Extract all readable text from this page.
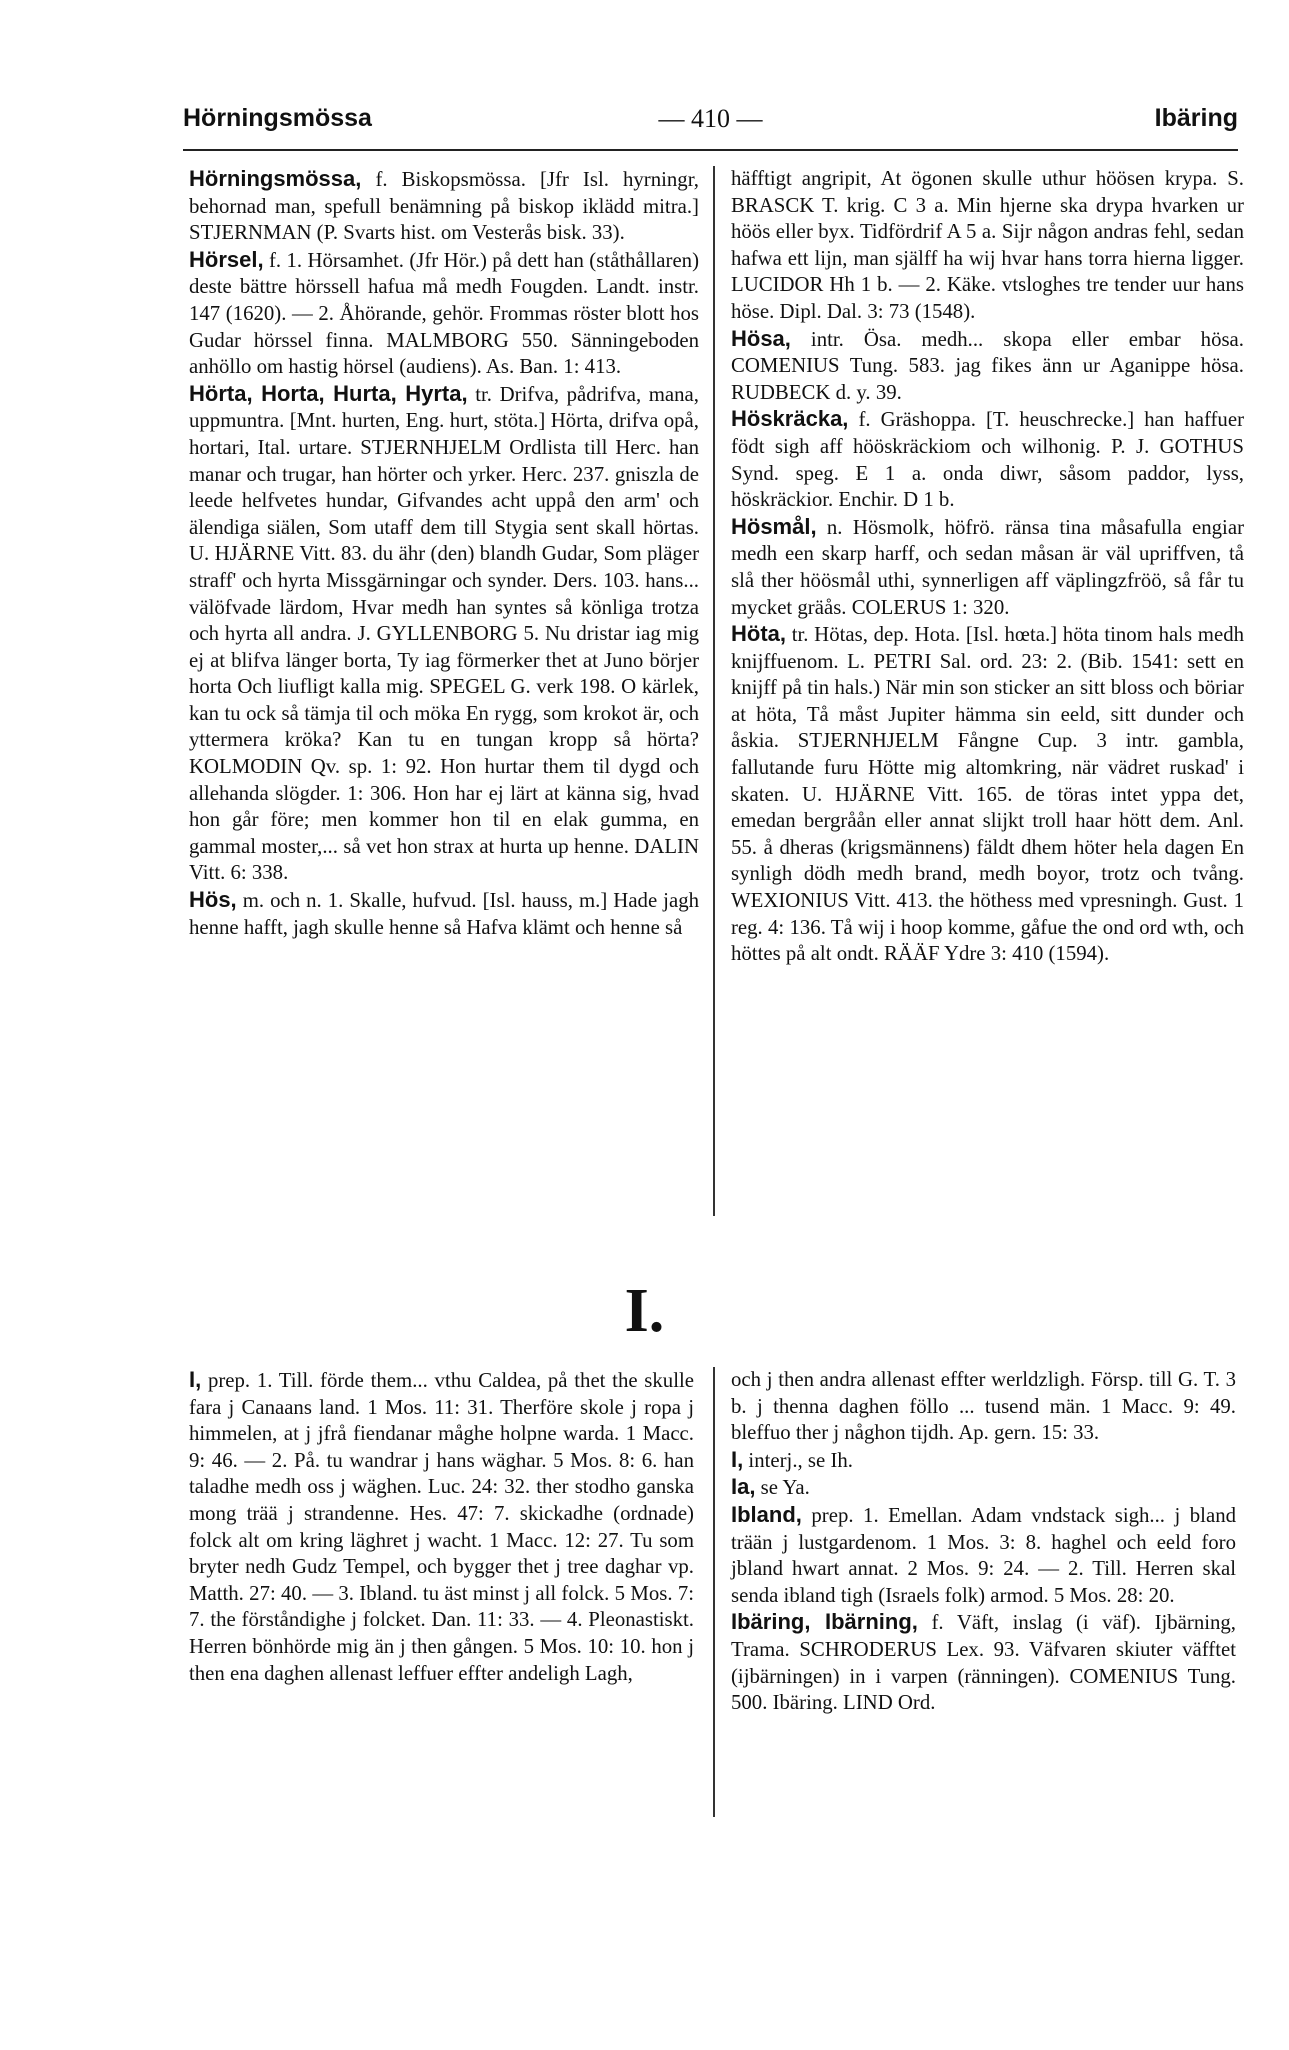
Hörningsmössa	— 410 —	Ibäring

Hörningsmössa, f. Biskopsmössa. [Jfr Isl. hyrningr, behornad man, spefull benämning på biskop iklädd mitra.] STJERNMAN (P. Svarts hist. om Vesterås bisk. 33).

Hörsel, f. 1. Hörsamhet. (Jfr Hör.) på dett han (ståthållaren) deste bättre hörssell hafua må medh Fougden. Landt. instr. 147 (1620). — 2. Åhörande, gehör. Frommas röster blott hos Gudar hörssel finna. MALMBORG 550. Sänningeboden anhöllo om hastig hörsel (audiens). As. Ban. 1: 413.

Hörta, Horta, Hurta, Hyrta, tr. Drifva, pådrifva, mana, uppmuntra. [Mnt. hurten, Eng. hurt, stöta.] Hörta, drifva opå, hortari, Ital. urtare. STJERNHJELM Ordlista till Herc. han manar och trugar, han hörter och yrker. Herc. 237. gniszla de leede helfvetes hundar, Gifvandes acht uppå den arm' och älendiga siälen, Som utaff dem till Stygia sent skall hörtas. U. HJÄRNE Vitt. 83. du ähr (den) blandh Gudar, Som pläger straff' och hyrta Missgärningar och synder. Ders. 103. hans... välöfvade lärdom, Hvar medh han syntes så könliga trotza och hyrta all andra. J. GYLLENBORG 5. Nu dristar iag mig ej at blifva länger borta, Ty iag förmerker thet at Juno börjer horta Och liufligt kalla mig. SPEGEL G. verk 198. O kärlek, kan tu ock så tämja til och möka En rygg, som krokot är, och yttermera kröka? Kan tu en tungan kropp så hörta? KOLMODIN Qv. sp. 1: 92. Hon hurtar them til dygd och allehanda slögder. 1: 306. Hon har ej lärt at känna sig, hvad hon går före; men kommer hon til en elak gumma, en gammal moster,... så vet hon strax at hurta up henne. DALIN Vitt. 6: 338.

Hös, m. och n. 1. Skalle, hufvud. [Isl. hauss, m.] Hade jagh henne hafft, jagh skulle henne så Hafva klämt och henne så

häfftigt angripit, At ögonen skulle uthur höösen krypa. S. BRASCK T. krig. C 3 a. Min hjerne ska drypa hvarken ur höös eller byx. Tidfördrif A 5 a. Sijr någon andras fehl, sedan hafwa ett lijn, man själff ha wij hvar hans torra hierna ligger. LUCIDOR Hh 1 b. — 2. Käke. vtsloghes tre tender uur hans höse. Dipl. Dal. 3: 73 (1548).

Hösa, intr. Ösa. medh... skopa eller embar hösa. COMENIUS Tung. 583. jag fikes änn ur Aganippe hösa. RUDBECK d. y. 39.

Höskräcka, f. Gräshoppa. [T. heuschrecke.] han haffuer födt sigh aff hööskräckiom och wilhonig. P. J. GOTHUS Synd. speg. E 1 a. onda diwr, såsom paddor, lyss, höskräckior. Enchir. D 1 b.

Hösmål, n. Hösmolk, höfrö. ränsa tina måsafulla engiar medh een skarp harff, och sedan måsan är väl upriffven, tå slå ther höösmål uthi, synnerligen aff väplingzfröö, så får tu mycket gräås. COLERUS 1: 320.

Höta, tr. Hötas, dep. Hota. [Isl. hœta.] höta tinom hals medh knijffuenom. L. PETRI Sal. ord. 23: 2. (Bib. 1541: sett en knijff på tin hals.) När min son sticker an sitt bloss och böriar at höta, Tå måst Jupiter hämma sin eeld, sitt dunder och åskia. STJERNHJELM Fångne Cup. 3 intr. gambla, fallutande furu Hötte mig altomkring, när vädret ruskad' i skaten. U. HJÄRNE Vitt. 165. de töras intet yppa det, emedan bergråån eller annat slijkt troll haar hött dem. Anl. 55. å dheras (krigsmännens) fäldt dhem höter hela dagen En synligh dödh medh brand, medh boyor, trotz och tvång. WEXIONIUS Vitt. 413. the höthess med vpresningh. Gust. 1 reg. 4: 136. Tå wij i hoop komme, gåfue the ond ord wth, och höttes på alt ondt. RÄÄF Ydre 3: 410 (1594).

I.

I, prep. 1. Till. förde them... vthu Caldea, på thet the skulle fara j Canaans land. 1 Mos. 11: 31. Therföre skole j ropa j himmelen, at j jfrå fiendanar måghe holpne warda. 1 Macc. 9: 46. — 2. På. tu wandrar j hans wäghar. 5 Mos. 8: 6. han taladhe medh oss j wäghen. Luc. 24: 32. ther stodho ganska mong trää j strandenne. Hes. 47: 7. skickadhe (ordnade) folck alt om kring läghret j wacht. 1 Macc. 12: 27. Tu som bryter nedh Gudz Tempel, och bygger thet j tree daghar vp. Matth. 27: 40. — 3. Ibland. tu äst minst j all folck. 5 Mos. 7: 7. the förståndighe j folcket. Dan. 11: 33. — 4. Pleonastiskt. Herren bönhörde mig än j then gången. 5 Mos. 10: 10. hon j then ena daghen allenast leffuer effter andeligh Lagh,

och j then andra allenast effter werldzligh. Försp. till G. T. 3 b. j thenna daghen föllo ... tusend män. 1 Macc. 9: 49. bleffuo ther j någhon tijdh. Ap. gern. 15: 33.

I, interj., se Ih.

Ia, se Ya.

Ibland, prep. 1. Emellan. Adam vndstack sigh... j bland trään j lustgardenom. 1 Mos. 3: 8. haghel och eeld foro jbland hwart annat. 2 Mos. 9: 24. — 2. Till. Herren skal senda ibland tigh (Israels folk) armod. 5 Mos. 28: 20.

Ibäring, Ibärning, f. Väft, inslag (i väf). Ijbärning, Trama. SCHRODERUS Lex. 93. Väfvaren skiuter väfftet (ijbärningen) in i varpen (ränningen). COMENIUS Tung. 500. Ibäring. LIND Ord.
